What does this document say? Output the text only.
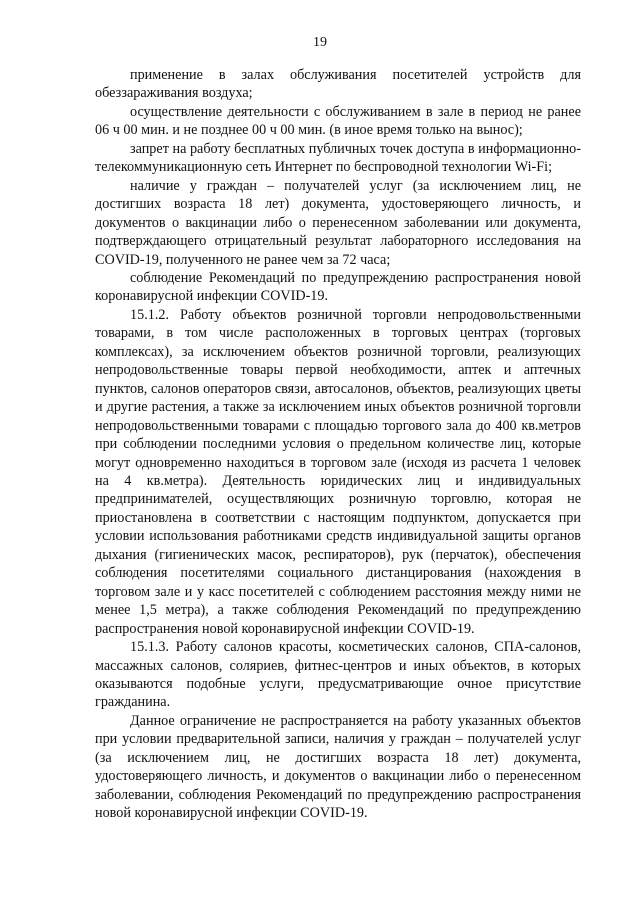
19

применение в залах обслуживания посетителей устройств для обеззараживания воздуха;

осуществление деятельности с обслуживанием в зале в период не ранее 06 ч 00 мин. и не позднее 00 ч 00 мин. (в иное время только на вынос);

запрет на работу бесплатных публичных точек доступа в информационно-телекоммуникационную сеть Интернет по беспроводной технологии Wi-Fi;

наличие у граждан – получателей услуг (за исключением лиц, не достигших возраста 18 лет) документа, удостоверяющего личность, и документов о вакцинации либо о перенесенном заболевании или документа, подтверждающего отрицательный результат лабораторного исследования на COVID-19, полученного не ранее чем за 72 часа;

соблюдение Рекомендаций по предупреждению распространения новой коронавирусной инфекции COVID-19.

15.1.2. Работу объектов розничной торговли непродовольственными товарами, в том числе расположенных в торговых центрах (торговых комплексах), за исключением объектов розничной торговли, реализующих непродовольственные товары первой необходимости, аптек и аптечных пунктов, салонов операторов связи, автосалонов, объектов, реализующих цветы и другие растения, а также за исключением иных объектов розничной торговли непродовольственными товарами с площадью торгового зала до 400 кв.метров при соблюдении последними условия о предельном количестве лиц, которые могут одновременно находиться в торговом зале (исходя из расчета 1 человек на 4 кв.метра). Деятельность юридических лиц и индивидуальных предпринимателей, осуществляющих розничную торговлю, которая не приостановлена в соответствии с настоящим подпунктом, допускается при условии использования работниками средств индивидуальной защиты органов дыхания (гигиенических масок, респираторов), рук (перчаток), обеспечения соблюдения посетителями социального дистанцирования (нахождения в торговом зале и у касс посетителей с соблюдением расстояния между ними не менее 1,5 метра), а также соблюдения Рекомендаций по предупреждению распространения новой коронавирусной инфекции COVID-19.

15.1.3. Работу салонов красоты, косметических салонов, СПА-салонов, массажных салонов, соляриев, фитнес-центров и иных объектов, в которых оказываются подобные услуги, предусматривающие очное присутствие гражданина.

Данное ограничение не распространяется на работу указанных объектов при условии предварительной записи, наличия у граждан – получателей услуг (за исключением лиц, не достигших возраста 18 лет) документа, удостоверяющего личность, и документов о вакцинации либо о перенесенном заболевании, соблюдения Рекомендаций по предупреждению распространения новой коронавирусной инфекции COVID-19.
